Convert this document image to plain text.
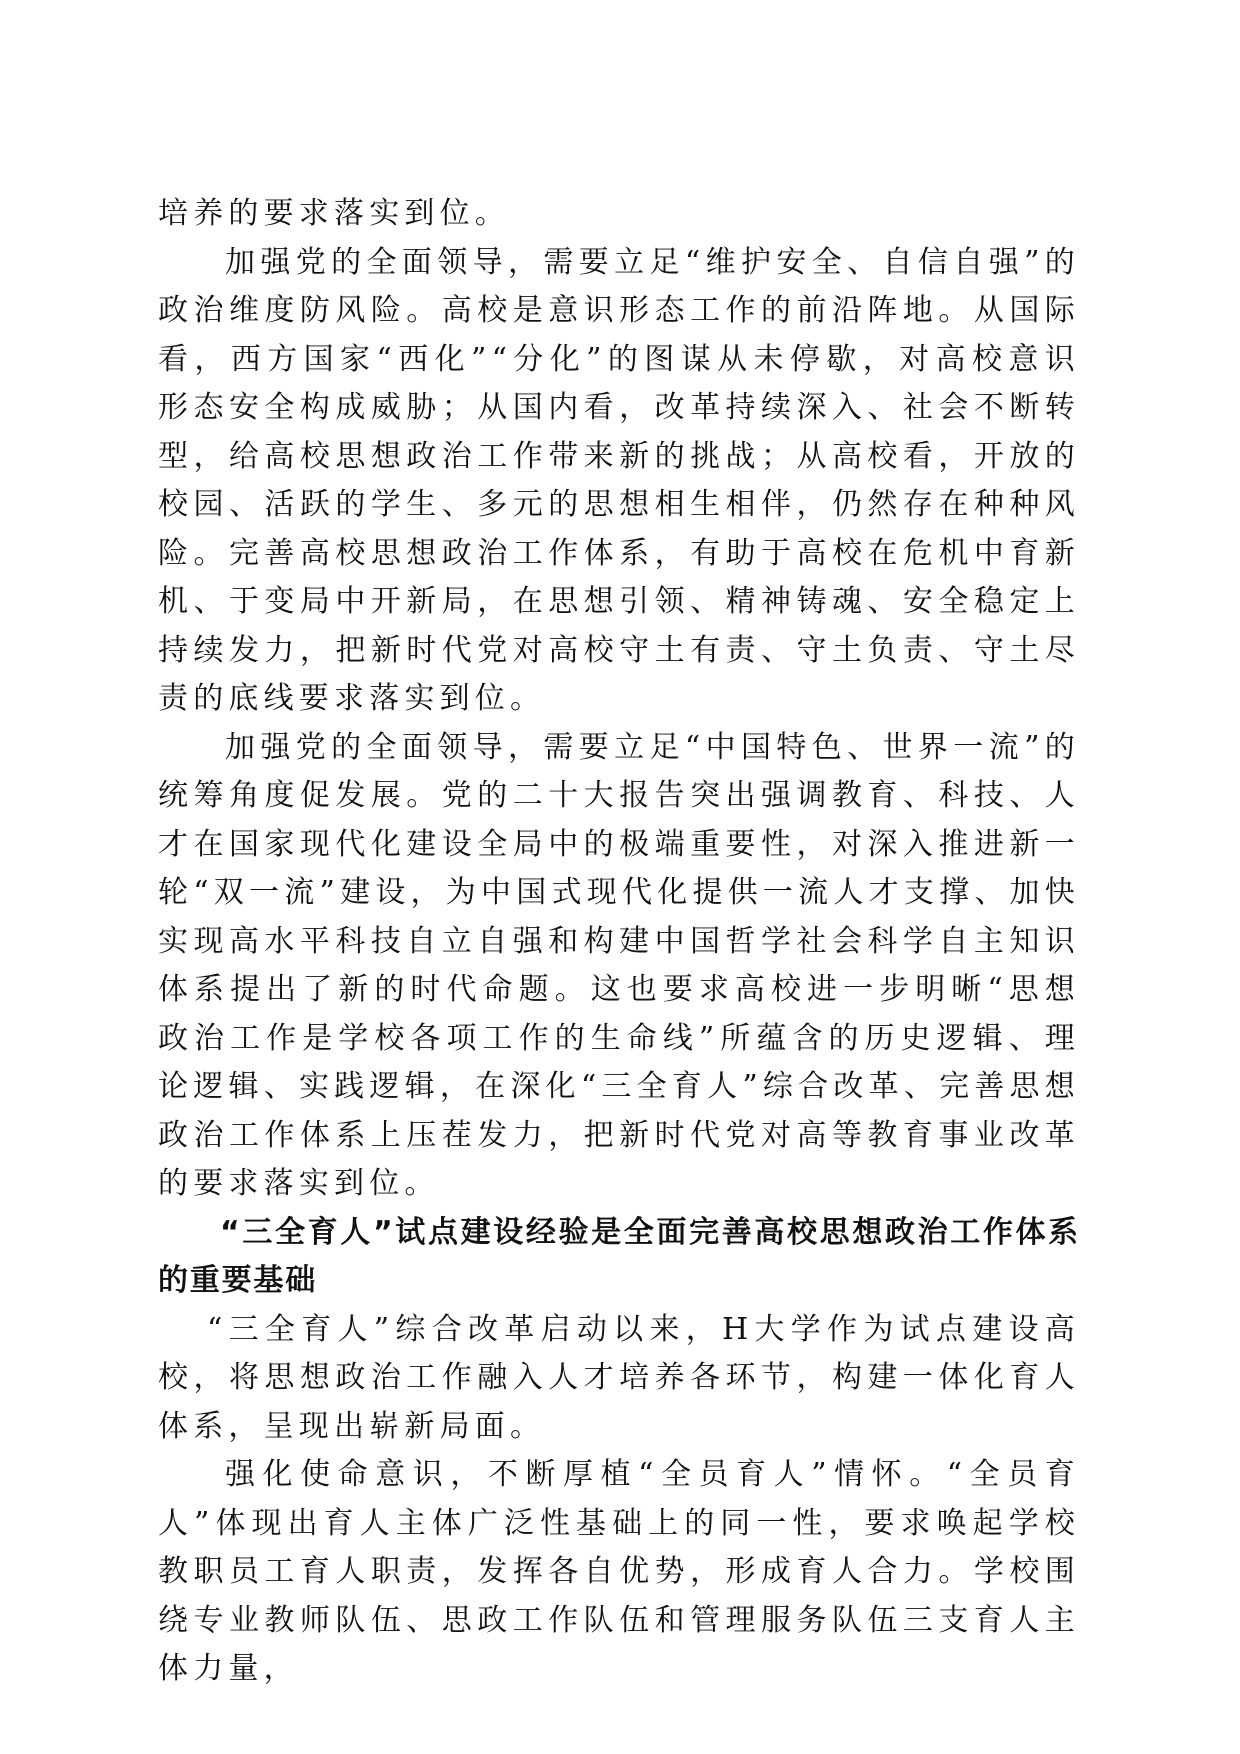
培养的要求落实到位。

加强党的全面领导，需要立足“维护安全、自信自强”的政治维度防风险。高校是意识形态工作的前沿阵地。从国际看，西方国家“西化”“分化”的图谋从未停歇，对高校意识形态安全构成威胁；从国内看，改革持续深入、社会不断转型，给高校思想政治工作带来新的挑战；从高校看，开放的校园、活跃的学生、多元的思想相生相伴，仍然存在种种风险。完善高校思想政治工作体系，有助于高校在危机中育新机、于变局中开新局，在思想引领、精神铸魂、安全稳定上持续发力，把新时代党对高校守土有责、守土负责、守土尽责的底线要求落实到位。

加强党的全面领导，需要立足“中国特色、世界一流”的统筹角度促发展。党的二十大报告突出强调教育、科技、人才在国家现代化建设全局中的极端重要性，对深入推进新一轮“双一流”建设，为中国式现代化提供一流人才支撑、加快实现高水平科技自立自强和构建中国哲学社会科学自主知识体系提出了新的时代命题。这也要求高校进一步明晰“思想政治工作是学校各项工作的生命线”所蕴含的历史逻辑、理论逻辑、实践逻辑，在深化“三全育人”综合改革、完善思想政治工作体系上压茬发力，把新时代党对高等教育事业改革的要求落实到位。

“三全育人”试点建设经验是全面完善高校思想政治工作体系的重要基础

“三全育人”综合改革启动以来，H大学作为试点建设高校，将思想政治工作融入人才培养各环节，构建一体化育人体系，呈现出崭新局面。

强化使命意识，不断厚植“全员育人”情怀。“全员育人”体现出育人主体广泛性基础上的同一性，要求唤起学校教职员工育人职责，发挥各自优势，形成育人合力。学校围绕专业教师队伍、思政工作队伍和管理服务队伍三支育人主体力量，
